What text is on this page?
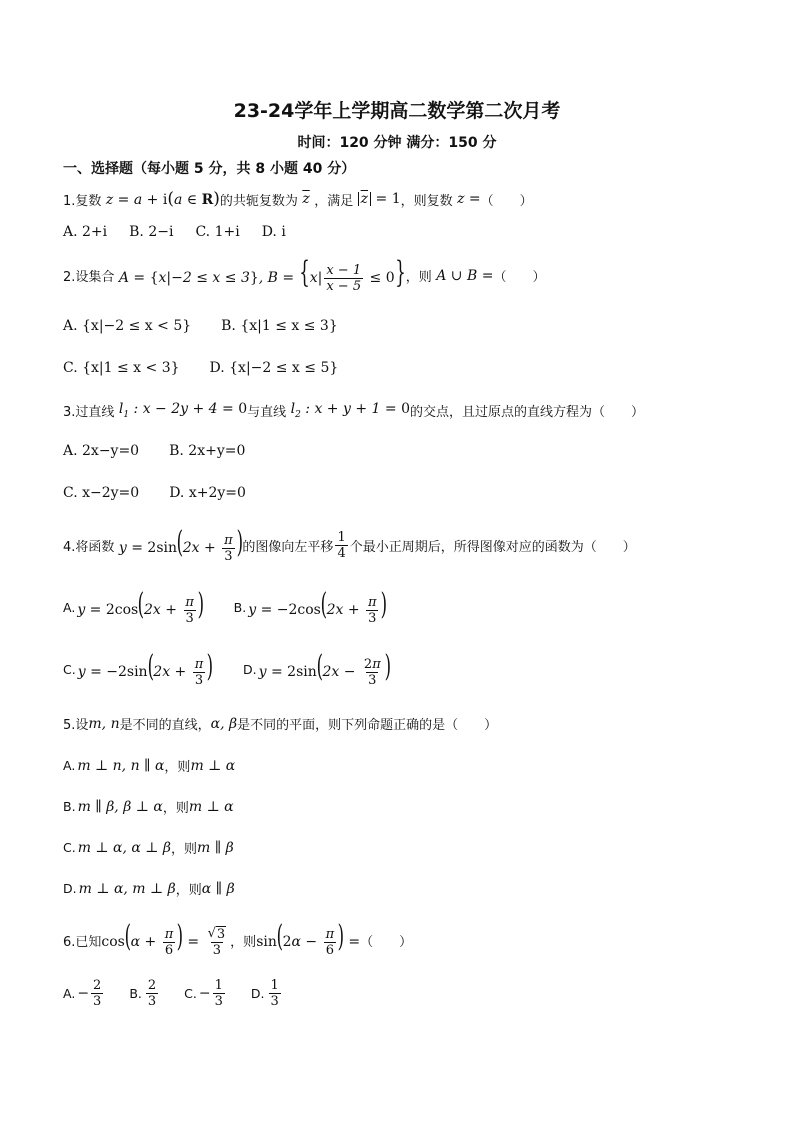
23-24学年上学期高二数学第二次月考
时间：120 分钟 满分：150 分
一、选择题（每小题 5 分，共 8 小题 40 分）
1.复数 z = a + i(a ∈ R) 的共轭复数为 $\overline{z}$ ，满足 $\overline{z} = 1$ ，则复数 z = （　　）
A. 2+i B. 2−i C. 1+i D. i
2.设集合 A = {x|−2 ≤ x ≤ 3}, $B = \{x| \frac{x - 1}{x - 5} \le 0\}$ ，则 A ∪ B = （　　）
A. {x|−2 ≤ x < 5} B. {x|1 ≤ x ≤ 3}
C. {x|1 ≤ x < 3} D. {x|−2 ≤ x ≤ 5}
3.过直线 $l_1$ : x − 2y + 4 = 0 与直线 $l_2$ : x + y + 1 = 0 的交点，且过原点的直线方程为 （　　）
A. 2x−y=0 B. 2x+y=0
C. x−2y=0 D. x+2y=0
4.将函数 $y = 2\sin(2x + \frac{\pi}{3}$ ) 的图像向左平移 $\frac{1}{4}$ 个最小正周期后，所得图像对应的函数为 （　　）
A. $y = 2\cos(2x + \frac{\pi}{3}$ ) B. $y = -2\cos(2x + \frac{\pi}{3}$ )
C. $y = -2\sin(2x + \frac{\pi}{3}$ ) D. $y = 2\sin(2x - \frac{2\pi}{3}$ )
5.设 m, n 是不同的直线， α, β 是不同的平面，则下列命题正确的是 （　　）
A. m ⊥ n, n ∥ α ，则 m ⊥ α
B. m ∥ β, β ⊥ α ，则 m ⊥ α
C. m ⊥ α, α ⊥ β ，则 m ∥ β
D. m ⊥ α, m ⊥ β ，则 α ∥ β
6.已知 $\cos(\alpha + \frac{\pi}{6}$ ) = $\frac{√ 3}{3}$ ，则 $\sin(2\alpha - \frac{\pi}{6}$ ) = （　　）
A. − $\frac{2}{3} B$. $\frac{2}{3} C$. − $\frac{1}{3} D$. $\frac{1}{3}$
